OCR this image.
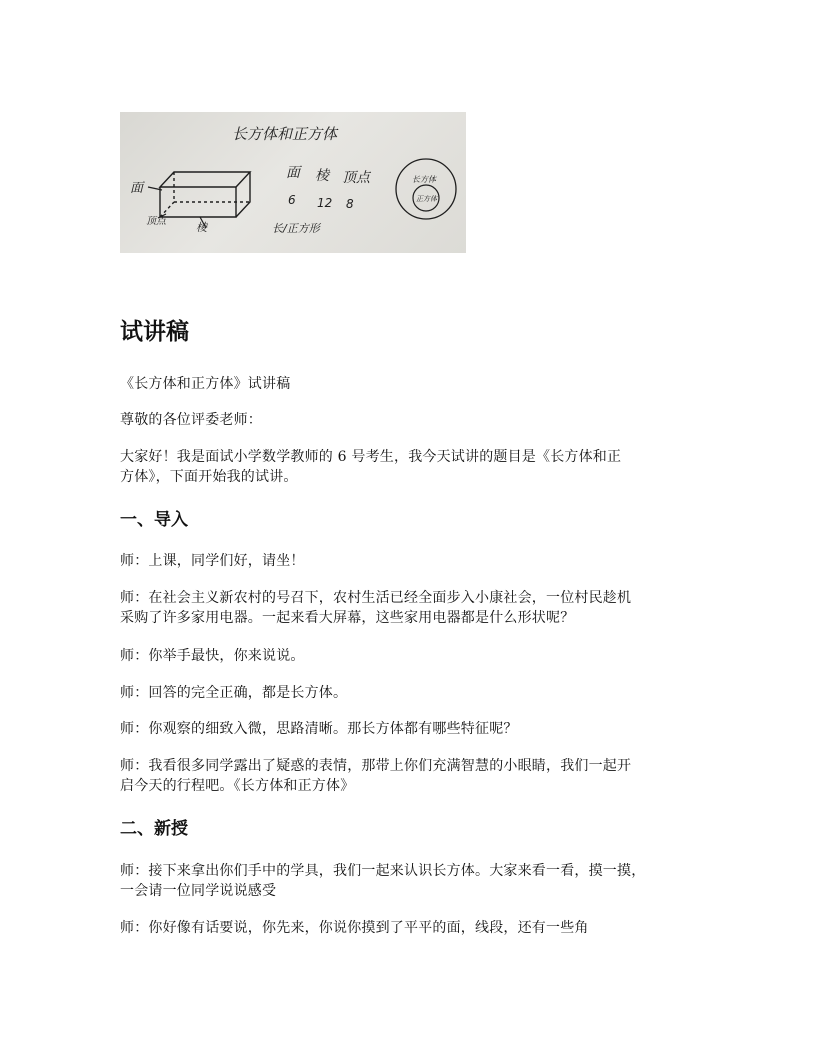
长方体和正方体
面
顶点	棱
面 棱 顶点
6 12 8
长/正方形
长方体
正方体
试讲稿

《长方体和正方体》试讲稿

尊敬的各位评委老师：

大家好！我是面试小学数学教师的 6 号考生，我今天试讲的题目是《长方体和正

方体》，下面开始我的试讲。

一、导入

师：上课，同学们好，请坐！

师：在社会主义新农村的号召下，农村生活已经全面步入小康社会，一位村民趁机

采购了许多家用电器。一起来看大屏幕，这些家用电器都是什么形状呢？

师：你举手最快，你来说说。

师：回答的完全正确，都是长方体。

师：你观察的细致入微，思路清晰。那长方体都有哪些特征呢？

师：我看很多同学露出了疑惑的表情，那带上你们充满智慧的小眼睛，我们一起开

启今天的行程吧。《长方体和正方体》

二、新授

师：接下来拿出你们手中的学具，我们一起来认识长方体。大家来看一看，摸一摸，

一会请一位同学说说感受

师：你好像有话要说，你先来，你说你摸到了平平的面，线段，还有一些角
